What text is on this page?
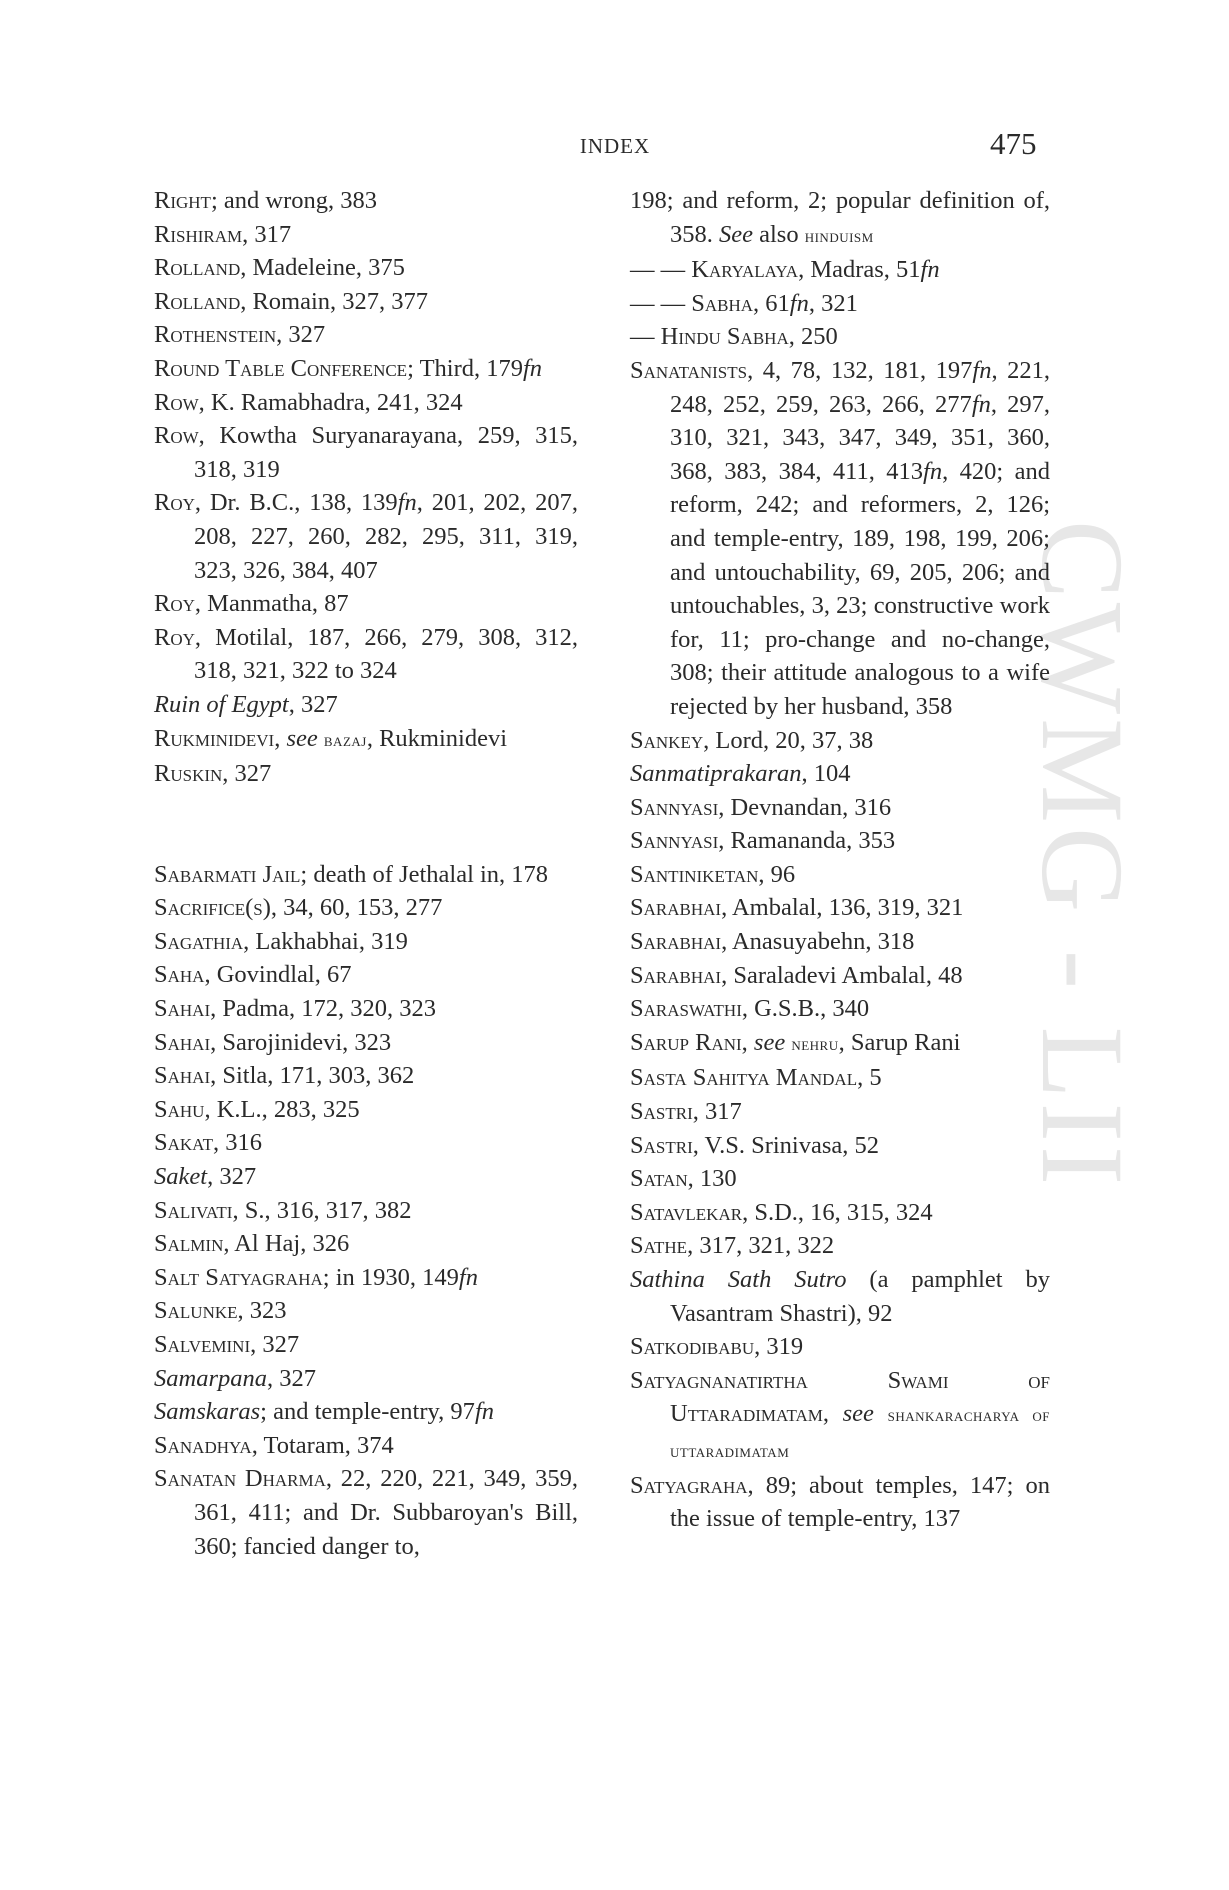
INDEX	475
CWMG - LII

Right; and wrong, 383

Rishiram, 317

Rolland, Madeleine, 375

Rolland, Romain, 327, 377

Rothenstein, 327

Round Table Conference; Third, 179fn

Row, K. Ramabhadra, 241, 324

Row, Kowtha Suryanarayana, 259, 315, 318, 319

Roy, Dr. B.C., 138, 139fn, 201, 202, 207, 208, 227, 260, 282, 295, 311, 319, 323, 326, 384, 407

Roy, Manmatha, 87

Roy, Motilal, 187, 266, 279, 308, 312, 318, 321, 322 to 324

Ruin of Egypt, 327

Rukminidevi, see bazaj, Rukminidevi

Ruskin, 327

Sabarmati Jail; death of Jethalal in, 178

Sacrifice(s), 34, 60, 153, 277

Sagathia, Lakhabhai, 319

Saha, Govindlal, 67

Sahai, Padma, 172, 320, 323

Sahai, Sarojinidevi, 323

Sahai, Sitla, 171, 303, 362

Sahu, K.L., 283, 325

Sakat, 316

Saket, 327

Salivati, S., 316, 317, 382

Salmin, Al Haj, 326

Salt Satyagraha; in 1930, 149fn

Salunke, 323

Salvemini, 327

Samarpana, 327

Samskaras; and temple-entry, 97fn

Sanadhya, Totaram, 374

Sanatan Dharma, 22, 220, 221, 349, 359, 361, 411; and Dr. Subbaroyan's Bill, 360; fancied danger to,

198; and reform, 2; popular definition of, 358. See also hinduism

— — Karyalaya, Madras, 51fn

— — Sabha, 61fn, 321

— Hindu Sabha, 250

Sanatanists, 4, 78, 132, 181, 197fn, 221, 248, 252, 259, 263, 266, 277fn, 297, 310, 321, 343, 347, 349, 351, 360, 368, 383, 384, 411, 413fn, 420; and reform, 242; and reformers, 2, 126; and temple-entry, 189, 198, 199, 206; and untouchability, 69, 205, 206; and untouchables, 3, 23; constructive work for, 11; pro-change and no-change, 308; their attitude analogous to a wife rejected by her husband, 358

Sankey, Lord, 20, 37, 38

Sanmatiprakaran, 104

Sannyasi, Devnandan, 316

Sannyasi, Ramananda, 353

Santiniketan, 96

Sarabhai, Ambalal, 136, 319, 321

Sarabhai, Anasuyabehn, 318

Sarabhai, Saraladevi Ambalal, 48

Saraswathi, G.S.B., 340

Sarup Rani, see nehru, Sarup Rani

Sasta Sahitya Mandal, 5

Sastri, 317

Sastri, V.S. Srinivasa, 52

Satan, 130

Satavlekar, S.D., 16, 315, 324

Sathe, 317, 321, 322

Sathina Sath Sutro (a pamphlet by Vasantram Shastri), 92

Satkodibabu, 319

Satyagnanatirtha Swami of Uttaradimatam, see shankaracharya of uttaradimatam

Satyagraha, 89; about temples, 147; on the issue of temple-entry, 137
